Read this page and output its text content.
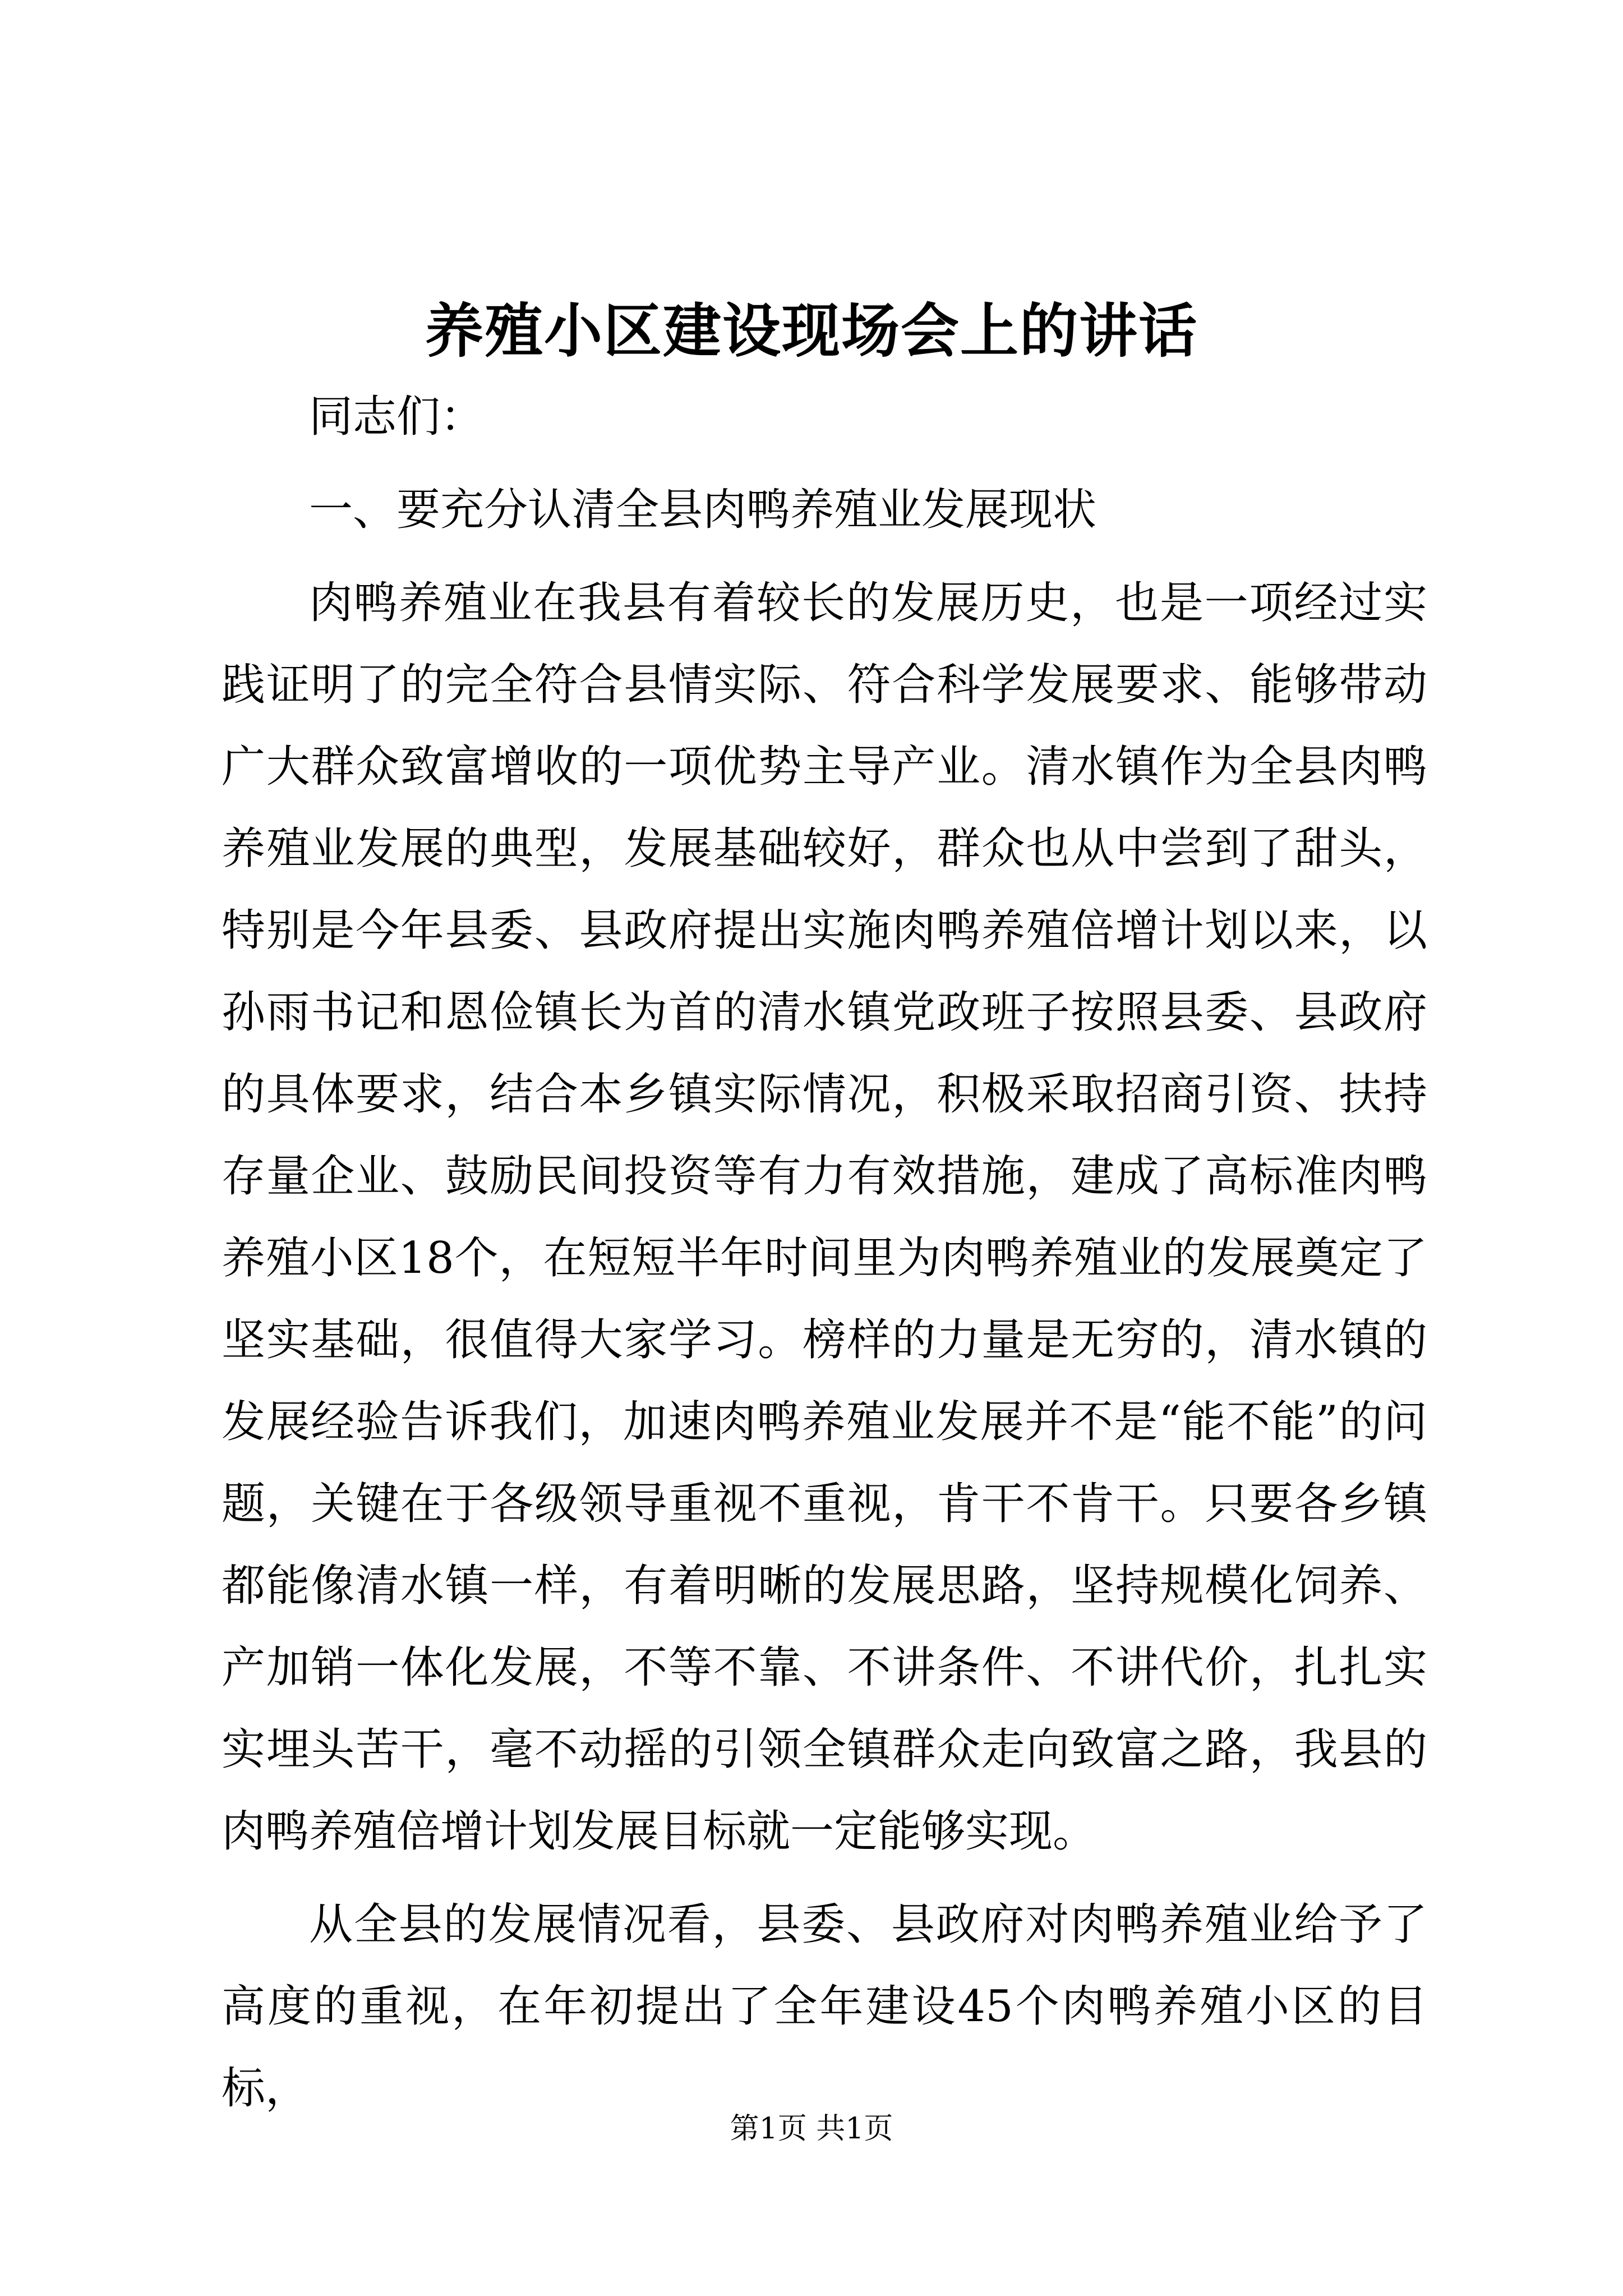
养殖小区建设现场会上的讲话

同志们：

一、要充分认清全县肉鸭养殖业发展现状

肉鸭养殖业在我县有着较长的发展历史，也是一项经过实践证明了的完全符合县情实际、符合科学发展要求、能够带动广大群众致富增收的一项优势主导产业。清水镇作为全县肉鸭养殖业发展的典型，发展基础较好，群众也从中尝到了甜头，特别是今年县委、县政府提出实施肉鸭养殖倍增计划以来，以孙雨书记和恩俭镇长为首的清水镇党政班子按照县委、县政府的具体要求，结合本乡镇实际情况，积极采取招商引资、扶持存量企业、鼓励民间投资等有力有效措施，建成了高标准肉鸭养殖小区18个，在短短半年时间里为肉鸭养殖业的发展奠定了坚实基础，很值得大家学习。榜样的力量是无穷的，清水镇的发展经验告诉我们，加速肉鸭养殖业发展并不是“能不能”的问题，关键在于各级领导重视不重视，肯干不肯干。只要各乡镇都能像清水镇一样，有着明晰的发展思路，坚持规模化饲养、产加销一体化发展，不等不靠、不讲条件、不讲代价，扎扎实实埋头苦干，毫不动摇的引领全镇群众走向致富之路，我县的肉鸭养殖倍增计划发展目标就一定能够实现。

从全县的发展情况看，县委、县政府对肉鸭养殖业给予了高度的重视，在年初提出了全年建设45个肉鸭养殖小区的目标，

第1页 共1页
